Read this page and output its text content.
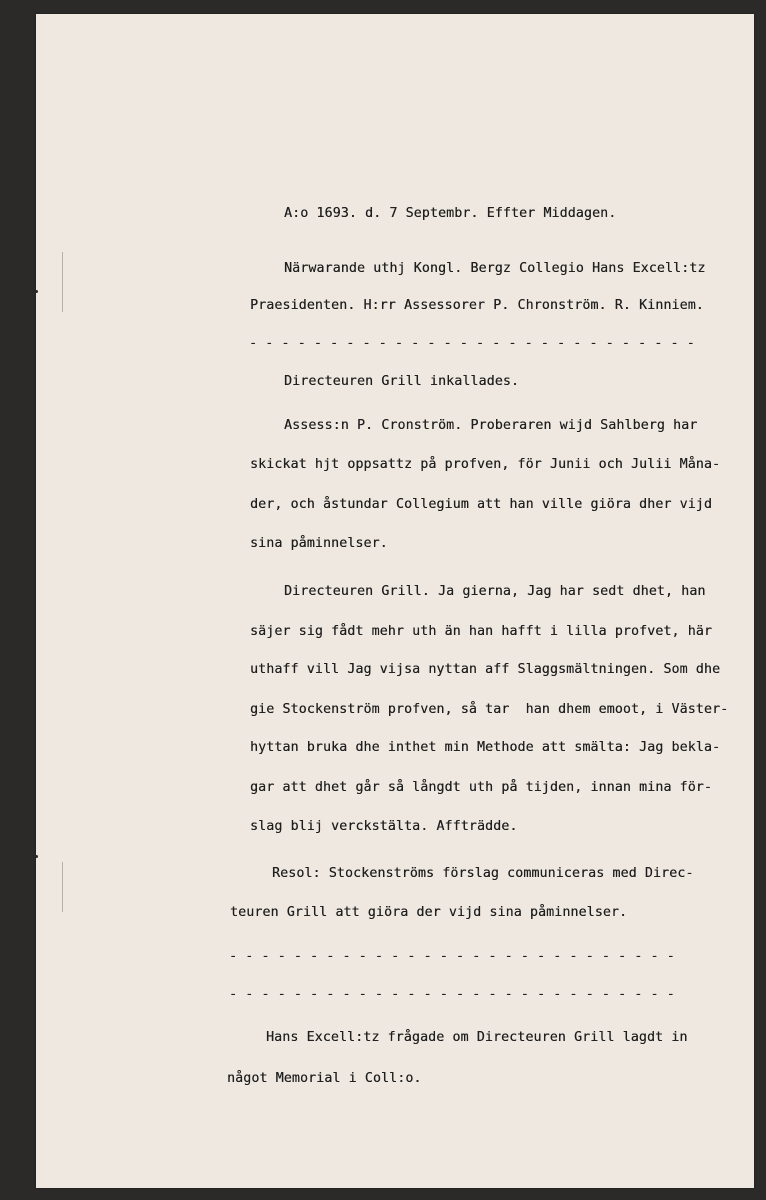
A:o 1693. d. 7 Septembr. Effter Middagen.
Närwarande uthj Kongl. Bergz Collegio Hans Excell:tz
Praesidenten. H:rr Assessorer P. Chronström. R. Kinniem.
- - - - - - - - - - - - - - - - - - - - - - - - - - - -
Directeuren Grill inkallades.
Assess:n P. Cronström. Proberaren wijd Sahlberg har
skickat hjt oppsattz på profven, för Junii och Julii Måna-
der, och åstundar Collegium att han ville giöra dher vijd
sina påminnelser.
Directeuren Grill. Ja gierna, Jag har sedt dhet, han
säjer sig fådt mehr uth än han hafft i lilla profvet, här
uthaff vill Jag vijsa nyttan aff Slaggsmältningen. Som dhe
gie Stockenström profven, så tar  han dhem emoot, i Väster-
hyttan bruka dhe inthet min Methode att smälta: Jag bekla-
gar att dhet går så långdt uth på tijden, innan mina för-
slag blij verckstälta. Affträdde.
Resol: Stockenströms förslag communiceras med Direc-
teuren Grill att giöra der vijd sina påminnelser.
- - - - - - - - - - - - - - - - - - - - - - - - - - - -
- - - - - - - - - - - - - - - - - - - - - - - - - - - -
Hans Excell:tz frågade om Directeuren Grill lagdt in
något Memorial i Coll:o.
